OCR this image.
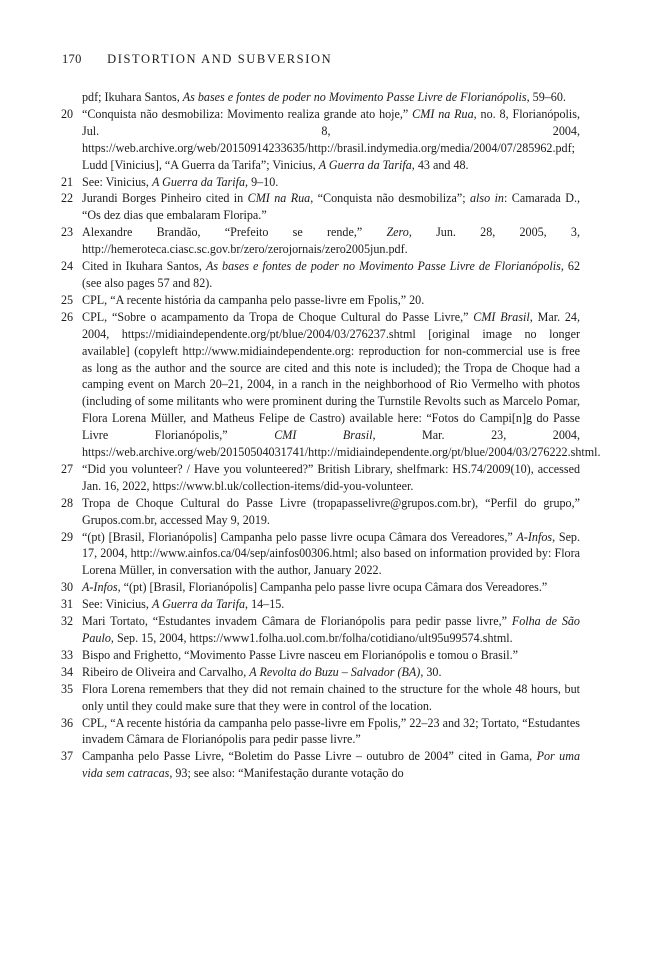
170 DISTORTION AND SUBVERSION
pdf; Ikuhara Santos, As bases e fontes de poder no Movimento Passe Livre de Florianópolis, 59–60.
20 “Conquista não desmobiliza: Movimento realiza grande ato hoje,” CMI na Rua, no. 8, Florianópolis, Jul. 8, 2004, https://web.archive.org/web/20150914233635/http://brasil.indymedia.org/media/2004/07/285962.pdf; Ludd [Vinicius], “A Guerra da Tarifa”; Vinicius, A Guerra da Tarifa, 43 and 48.
21 See: Vinicius, A Guerra da Tarifa, 9–10.
22 Jurandi Borges Pinheiro cited in CMI na Rua, “Conquista não desmobiliza”; also in: Camarada D., “Os dez dias que embalaram Floripa.”
23 Alexandre Brandão, “Prefeito se rende,” Zero, Jun. 28, 2005, 3, http://hemeroteca.ciasc.sc.gov.br/zero/zerojornais/zero2005jun.pdf.
24 Cited in Ikuhara Santos, As bases e fontes de poder no Movimento Passe Livre de Florianópolis, 62 (see also pages 57 and 82).
25 CPL, “A recente história da campanha pelo passe-livre em Fpolis,” 20.
26 CPL, “Sobre o acampamento da Tropa de Choque Cultural do Passe Livre,” CMI Brasil, Mar. 24, 2004, https://midiaindependente.org/pt/blue/2004/03/276237.shtml [original image no longer available] (copyleft http://www.midiaindependente.org: reproduction for non-commercial use is free as long as the author and the source are cited and this note is included); the Tropa de Choque had a camping event on March 20–21, 2004, in a ranch in the neighborhood of Rio Vermelho with photos (including of some militants who were prominent during the Turnstile Revolts such as Marcelo Pomar, Flora Lorena Müller, and Matheus Felipe de Castro) available here: “Fotos do Campi[n]g do Passe Livre Florianópolis,” CMI Brasil, Mar. 23, 2004, https://web.archive.org/web/20150504031741/http://midiaindependente.org/pt/blue/2004/03/276222.shtml.
27 “Did you volunteer? / Have you volunteered?” British Library, shelfmark: HS.74/2009(10), accessed Jan. 16, 2022, https://www.bl.uk/collection-items/did-you-volunteer.
28 Tropa de Choque Cultural do Passe Livre (tropapasselivre@grupos.com.br), “Perfil do grupo,” Grupos.com.br, accessed May 9, 2019.
29 “(pt) [Brasil, Florianópolis] Campanha pelo passe livre ocupa Câmara dos Vereadores,” A-Infos, Sep. 17, 2004, http://www.ainfos.ca/04/sep/ainfos00306.html; also based on information provided by: Flora Lorena Müller, in conversation with the author, January 2022.
30 A-Infos, “(pt) [Brasil, Florianópolis] Campanha pelo passe livre ocupa Câmara dos Vereadores.”
31 See: Vinicius, A Guerra da Tarifa, 14–15.
32 Mari Tortato, “Estudantes invadem Câmara de Florianópolis para pedir passe livre,” Folha de São Paulo, Sep. 15, 2004, https://www1.folha.uol.com.br/folha/cotidiano/ult95u99574.shtml.
33 Bispo and Frighetto, “Movimento Passe Livre nasceu em Florianópolis e tomou o Brasil.”
34 Ribeiro de Oliveira and Carvalho, A Revolta do Buzu – Salvador (BA), 30.
35 Flora Lorena remembers that they did not remain chained to the structure for the whole 48 hours, but only until they could make sure that they were in control of the location.
36 CPL, “A recente história da campanha pelo passe-livre em Fpolis,” 22–23 and 32; Tortato, “Estudantes invadem Câmara de Florianópolis para pedir passe livre.”
37 Campanha pelo Passe Livre, “Boletim do Passe Livre – outubro de 2004” cited in Gama, Por uma vida sem catracas, 93; see also: “Manifestação durante votação do
